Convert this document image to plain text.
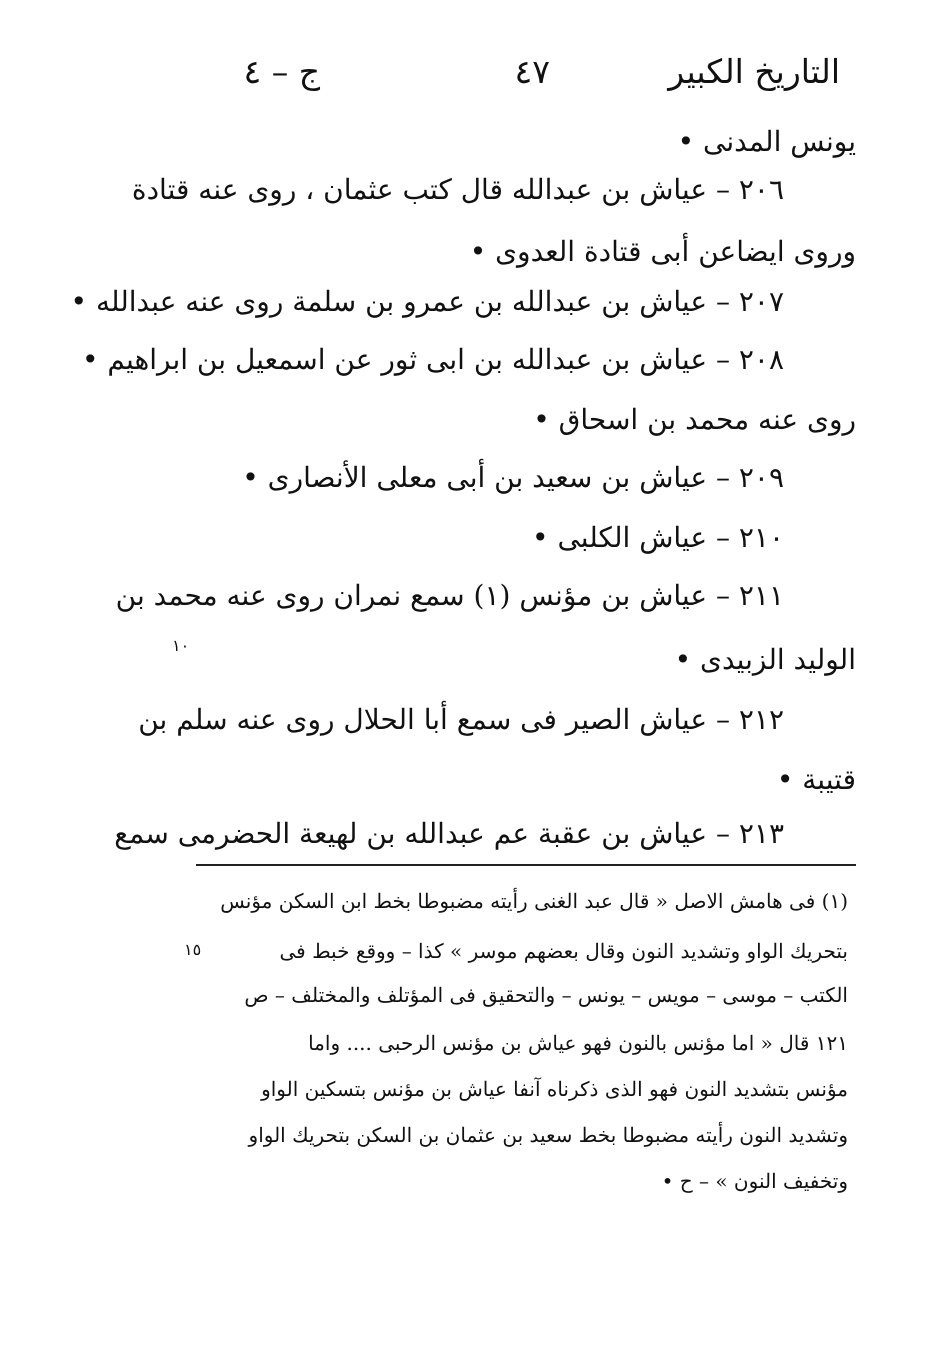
التاريخ الكبير
٤٧
ج – ٤
يونس المدنى •
٢٠٦ – عياش بن عبدالله قال كتب عثمان ، روى عنه قتادة
وروى ايضاعن أبى قتادة العدوى •
٢٠٧ – عياش بن عبدالله بن عمرو بن سلمة روى عنه عبدالله •
٢٠٨ – عياش بن عبدالله بن ابى ثور عن اسمعيل بن ابراهيم •
روى عنه محمد بن اسحاق •
٢٠٩ – عياش بن سعيد بن أبى معلى الأنصارى •
٢١٠ – عياش الكلبى •
٢١١ – عياش بن مؤنس (١) سمع نمران روى عنه محمد بن
الوليد الزبيدى •
٢١٢ – عياش الصير فى سمع أبا الحلال روى عنه سلم بن
قتيبة •
٢١٣ – عياش بن عقبة عم عبدالله بن لهيعة الحضرمى سمع
١٠
(١) فى هامش الاصل « قال عبد الغنى رأيته مضبوطا بخط ابن السكن مؤنس
بتحريك الواو وتشديد النون وقال بعضهم موسر » كذا – ووقع خبط فى
الكتب – موسى – مويس – يونس – والتحقيق فى المؤتلف والمختلف – ص
١٢١ قال « اما مؤنس بالنون فهو عياش بن مؤنس الرحبى .... واما
مؤنس بتشديد النون فهو الذى ذكرناه آنفا عياش بن مؤنس بتسكين الواو
وتشديد النون رأيته مضبوطا بخط سعيد بن عثمان بن السكن بتحريك الواو
وتخفيف النون » – ح •
١٥
